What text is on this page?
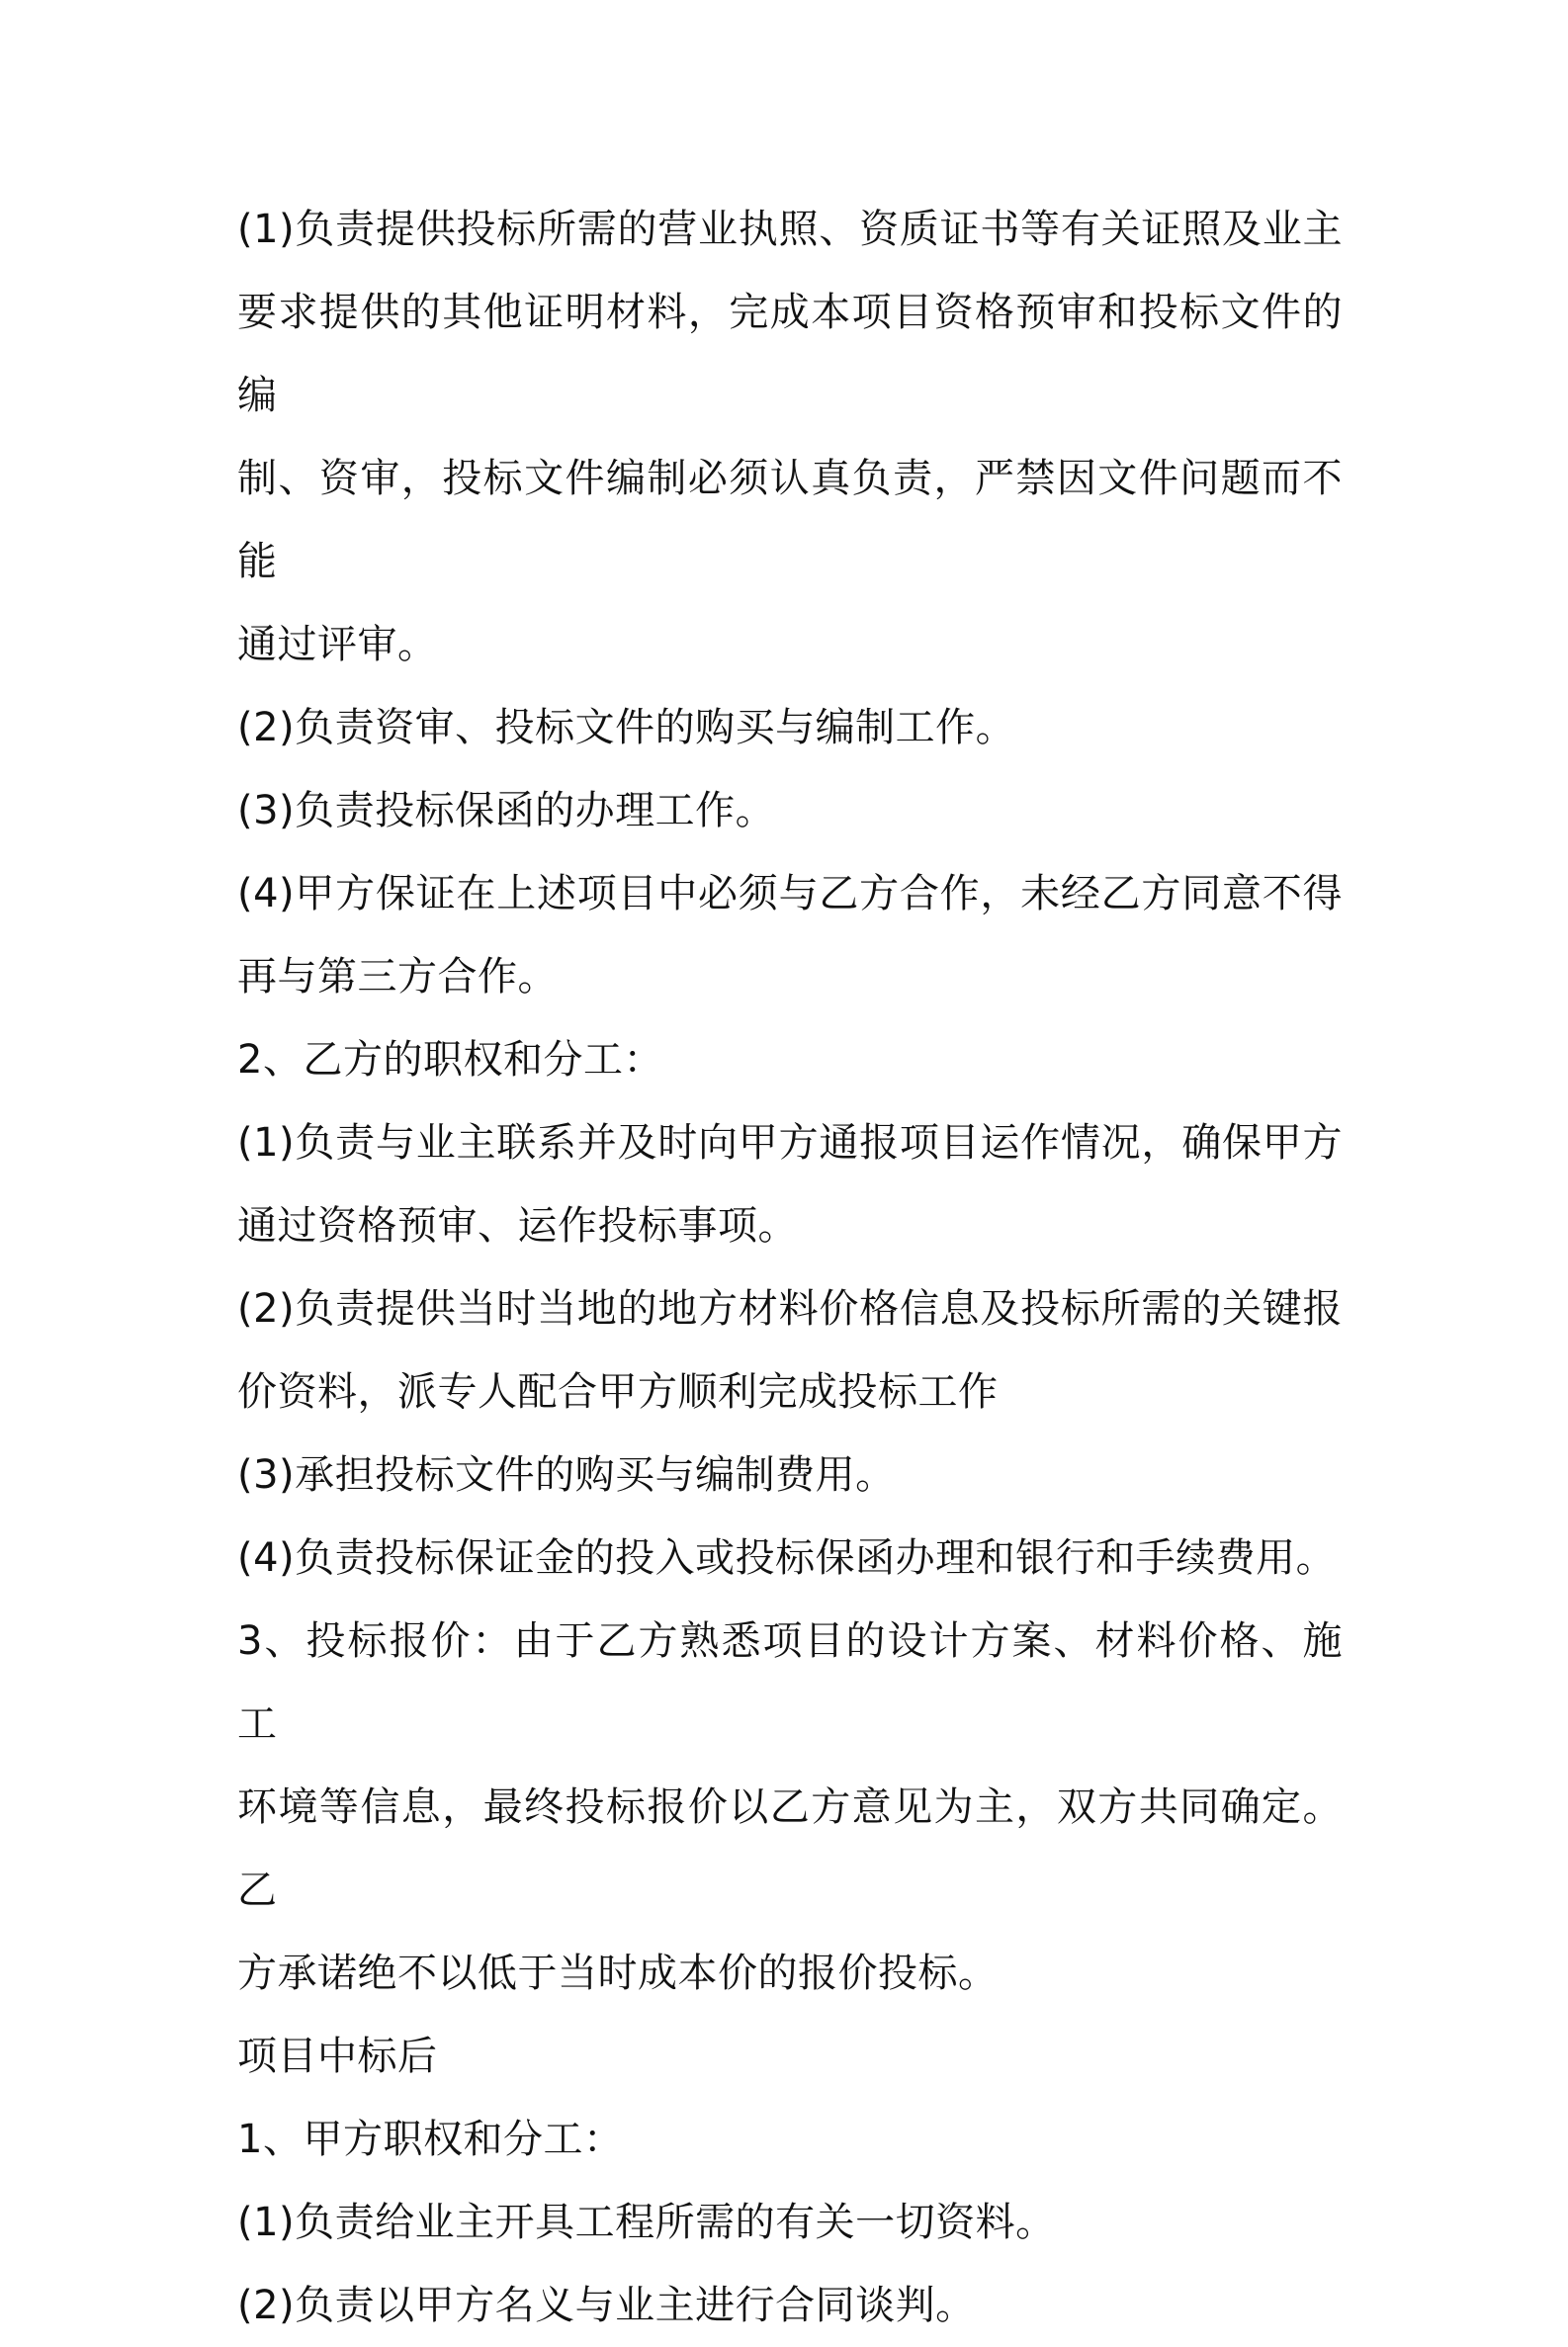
(1)负责提供投标所需的营业执照、资质证书等有关证照及业主
要求提供的其他证明材料，完成本项目资格预审和投标文件的编
制、资审，投标文件编制必须认真负责，严禁因文件问题而不能
通过评审。
(2)负责资审、投标文件的购买与编制工作。
(3)负责投标保函的办理工作。
(4)甲方保证在上述项目中必须与乙方合作，未经乙方同意不得
再与第三方合作。
2、乙方的职权和分工：
(1)负责与业主联系并及时向甲方通报项目运作情况，确保甲方
通过资格预审、运作投标事项。
(2)负责提供当时当地的地方材料价格信息及投标所需的关键报
价资料，派专人配合甲方顺利完成投标工作
(3)承担投标文件的购买与编制费用。
(4)负责投标保证金的投入或投标保函办理和银行和手续费用。
3、投标报价：由于乙方熟悉项目的设计方案、材料价格、施工
环境等信息，最终投标报价以乙方意见为主，双方共同确定。乙
方承诺绝不以低于当时成本价的报价投标。
项目中标后
1、甲方职权和分工：
(1)负责给业主开具工程所需的有关一切资料。
(2)负责以甲方名义与业主进行合同谈判。
